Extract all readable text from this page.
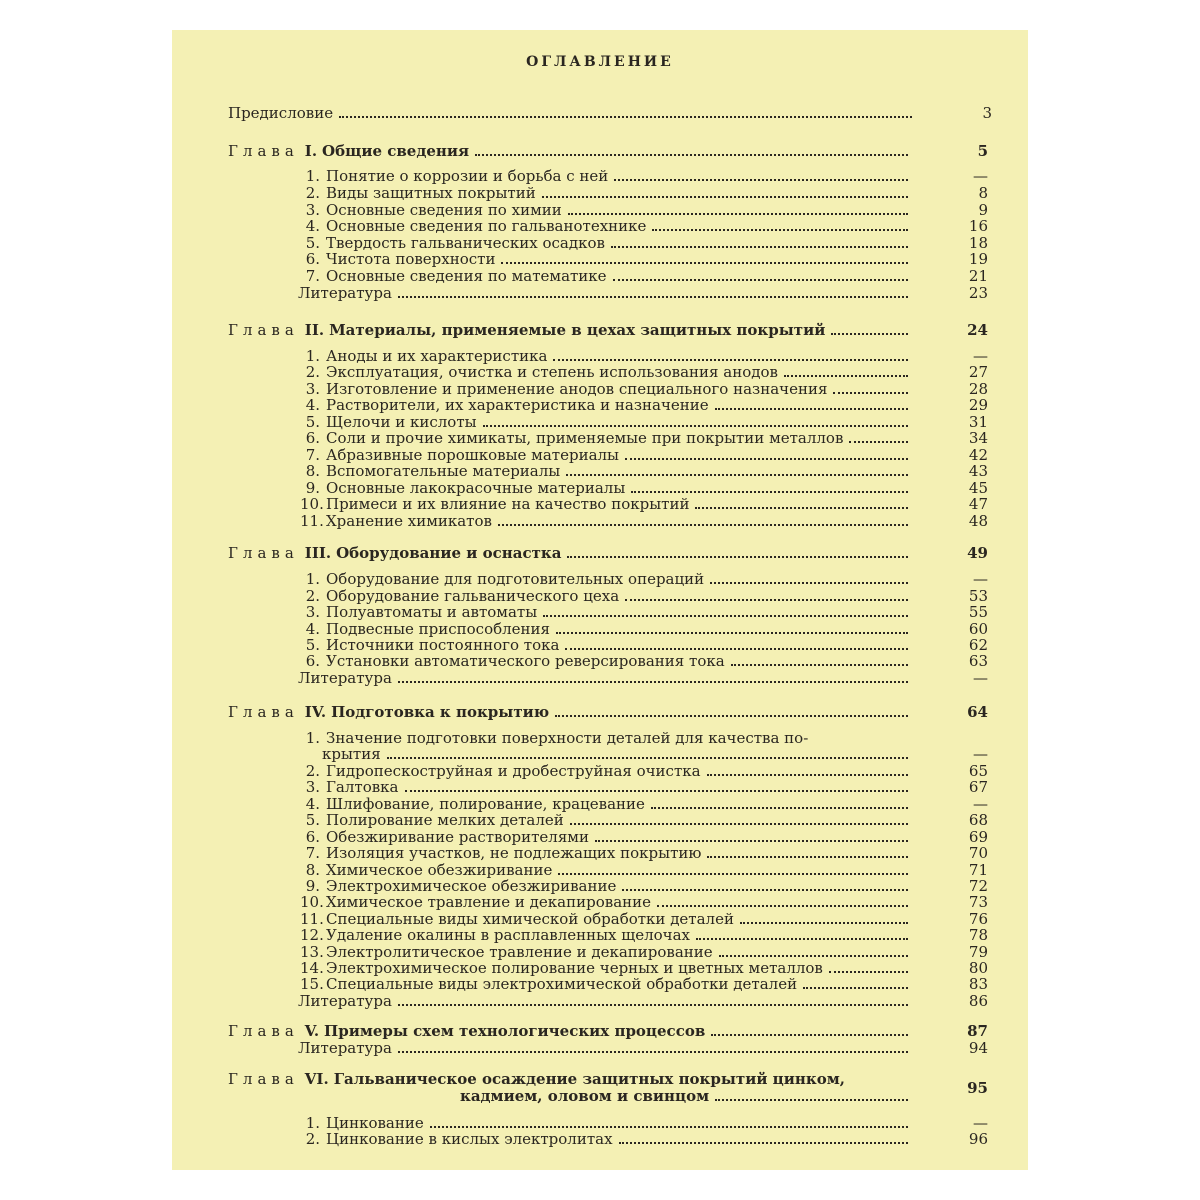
ОГЛАВЛЕНИЕ
Предисловие	3
Глава I. Общие сведения	5
1. Понятие о коррозии и борьба с ней	—
2. Виды защитных покрытий	8
3. Основные сведения по химии	9
4. Основные сведения по гальванотехнике	16
5. Твердость гальванических осадков	18
6. Чистота поверхности	19
7. Основные сведения по математике	21
Литература	23
Глава II. Материалы, применяемые в цехах защитных покрытий	24
1. Аноды и их характеристика	—
2. Эксплуатация, очистка и степень использования анодов	27
3. Изготовление и применение анодов специального назначения	28
4. Растворители, их характеристика и назначение	29
5. Щелочи и кислоты	31
6. Соли и прочие химикаты, применяемые при покрытии металлов	34
7. Абразивные порошковые материалы	42
8. Вспомогательные материалы	43
9. Основные лакокрасочные материалы	45
10. Примеси и их влияние на качество покрытий	47
11. Хранение химикатов	48
Глава III. Оборудование и оснастка	49
1. Оборудование для подготовительных операций	—
2. Оборудование гальванического цеха	53
3. Полуавтоматы и автоматы	55
4. Подвесные приспособления	60
5. Источники постоянного тока	62
6. Установки автоматического реверсирования тока	63
Литература	—
Глава IV. Подготовка к покрытию	64
1. Значение подготовки поверхности деталей для качества по-
крытия	—
2. Гидропескоструйная и дробеструйная очистка	65
3. Галтовка	67
4. Шлифование, полирование, крацевание	—
5. Полирование мелких деталей	68
6. Обезжиривание растворителями	69
7. Изоляция участков, не подлежащих покрытию	70
8. Химическое обезжиривание	71
9. Электрохимическое обезжиривание	72
10. Химическое травление и декапирование	73
11. Специальные виды химической обработки деталей	76
12. Удаление окалины в расплавленных щелочах	78
13. Электролитическое травление и декапирование	79
14. Электрохимическое полирование черных и цветных металлов	80
15. Специальные виды электрохимической обработки деталей	83
Литература	86
Глава V. Примеры схем технологических процессов	87
Литература	94
Глава VI. Гальваническое осаждение защитных покрытий цинком,
кадмием, оловом и свинцом	95
1. Цинкование	—
2. Цинкование в кислых электролитах	96
